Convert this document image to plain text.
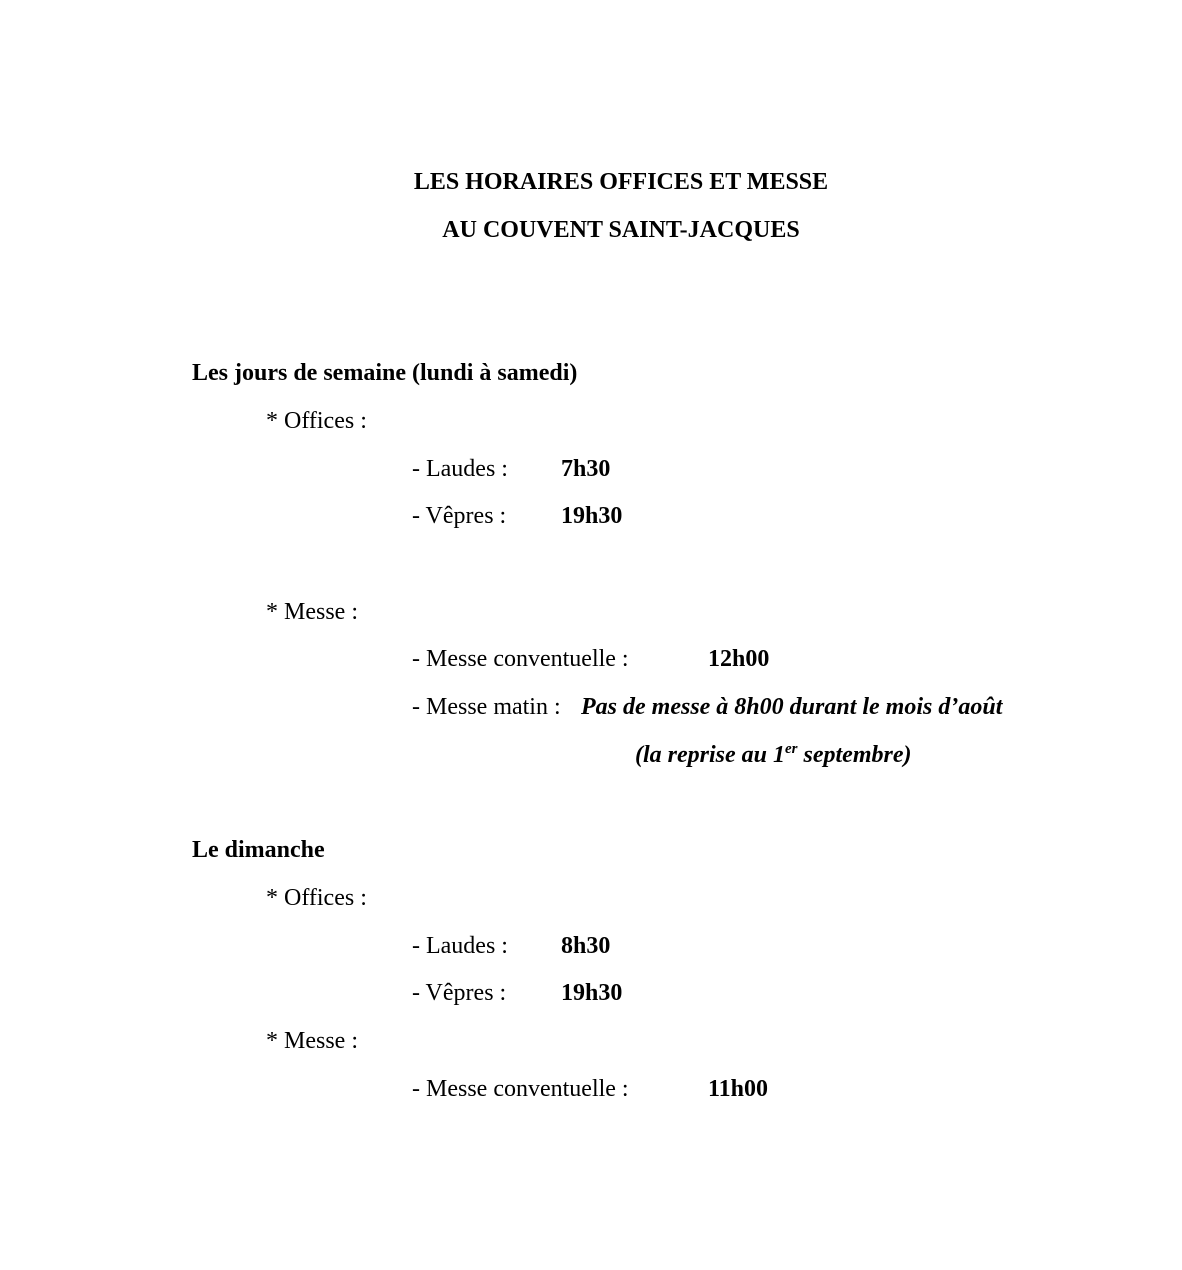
LES HORAIRES OFFICES ET MESSE
AU COUVENT SAINT-JACQUES
Les jours de semaine (lundi à samedi)
* Offices :
- Laudes : 7h30
- Vêpres : 19h30
* Messe :
- Messe conventuelle :	12h00
- Messe matin : Pas de messe à 8h00 durant le mois d’août
(la reprise au 1er septembre)
Le dimanche
* Offices :
- Laudes : 8h30
- Vêpres : 19h30
* Messe :
- Messe conventuelle :	11h00
